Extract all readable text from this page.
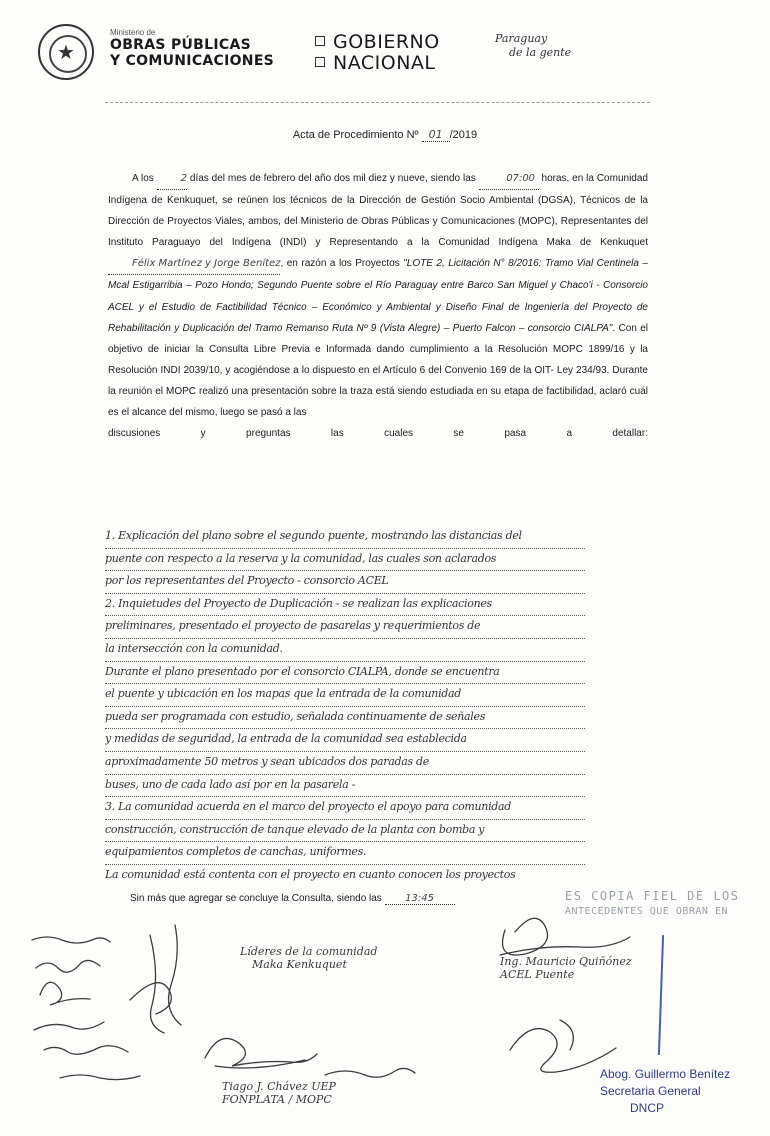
★
Ministerio de
OBRAS PÚBLICAS
Y COMUNICACIONES
GOBIERNO
NACIONAL
Paraguay
de la gente
Acta de Procedimiento Nº 01 /2019

A los	2 días del mes de febrero del año dos mil diez y nueve, siendo las	07:00 horas, en la Comunidad Indígena de Kenkuquet, se reúnen los técnicos de la Dirección de Gestión Socio Ambiental (DGSA), Técnicos de la Dirección de Proyectos Viales, ambos, del Ministerio de Obras Públicas y Comunicaciones (MOPC), Representantes del Instituto Paraguayo del Indígena (INDI) y Representando a la Comunidad Indígena Maka de Kenkuquet Félix Martínez y Jorge Benítez, en razón a los Proyectos "LOTE 2, Licitación N° 8/2016: Tramo Vial Centinela – Mcal Estigarribia – Pozo Hondo; Segundo Puente sobre el Río Paraguay entre Barco San Miguel y Chaco'i - Consorcio ACEL y el Estudio de Factibilidad Técnico – Económico y Ambiental y Diseño Final de Ingeniería del Proyecto de Rehabilitación y Duplicación del Tramo Remanso Ruta Nº 9 (Vista Alegre) – Puerto Falcon – consorcio CIALPA". Con el objetivo de iniciar la Consulta Libre Previa e Informada dando cumplimiento a la Resolución MOPC 1899/16 y la Resolución INDI 2039/10, y acogiéndose a lo dispuesto en el Artículo 6 del Convenio 169 de la OIT- Ley 234/93. Durante la reunión el MOPC realizó una presentación sobre la traza está siendo estudiada en su etapa de factibilidad, aclaró cuál es el alcance del mismo, luego se pasó a las

discusiones	y	preguntas	las	cuales	se	pasa	a	detallar:
1. Explicación del plano sobre el segundo puente, mostrando las distancias del
puente con respecto a la reserva y la comunidad, las cuales son aclarados
por los representantes del Proyecto - consorcio ACEL
2. Inquietudes del Proyecto de Duplicación - se realizan las explicaciones
preliminares, presentado el proyecto de pasarelas y requerimientos de
la intersección con la comunidad.
Durante el plano presentado por el consorcio CIALPA, donde se encuentra
el puente y ubicación en los mapas que la entrada de la comunidad
pueda ser programada con estudio, señalada continuamente de señales
y medidas de seguridad, la entrada de la comunidad sea establecida
aproximadamente 50 metros y sean ubicados dos paradas de
buses, uno de cada lado así por en la pasarela -
3. La comunidad acuerda en el marco del proyecto el apoyo para comunidad
construcción, construcción de tanque elevado de la planta con bomba y
equipamientos completos de canchas, uniformes.
La comunidad está contenta con el proyecto en cuanto conocen los proyectos
Sin más que agregar se concluye la Consulta, siendo las 13:45	ES COPIA FIEL DE LOS
ANTECEDENTES QUE OBRAN EN
Líderes de la comunidad
Maka Kenkuquet	Ing. Mauricio Quiñónez ACEL Puente
Tiago J. Chávez UEP FONPLATA / MOPC
Abog. Guillermo Benítez
Secretaria General
DNCP
